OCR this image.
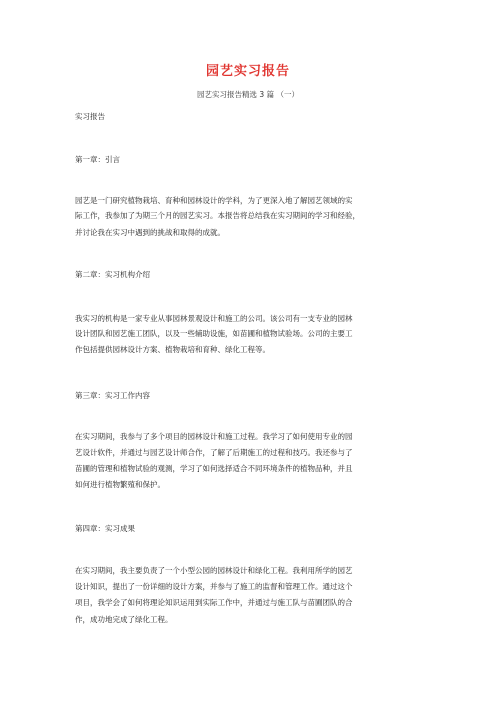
园艺实习报告
园艺实习报告精选 3 篇 （一）
实习报告
第一章：引言
园艺是一门研究植物栽培、育种和园林设计的学科，为了更深入地了解园艺领域的实
际工作，我参加了为期三个月的园艺实习。本报告将总结我在实习期间的学习和经验，
并讨论我在实习中遇到的挑战和取得的成就。
第二章：实习机构介绍
我实习的机构是一家专业从事园林景观设计和施工的公司。该公司有一支专业的园林
设计团队和园艺施工团队，以及一些辅助设施，如苗圃和植物试验场。公司的主要工
作包括提供园林设计方案、植物栽培和育种、绿化工程等。
第三章：实习工作内容
在实习期间，我参与了多个项目的园林设计和施工过程。我学习了如何使用专业的园
艺设计软件，并通过与园艺设计师合作，了解了后期施工的过程和技巧。我还参与了
苗圃的管理和植物试验的观测，学习了如何选择适合不同环境条件的植物品种，并且
如何进行植物繁殖和保护。
第四章：实习成果
在实习期间，我主要负责了一个小型公园的园林设计和绿化工程。我利用所学的园艺
设计知识，提出了一份详细的设计方案，并参与了施工的监督和管理工作。通过这个
项目，我学会了如何将理论知识运用到实际工作中，并通过与施工队与苗圃团队的合
作，成功地完成了绿化工程。
